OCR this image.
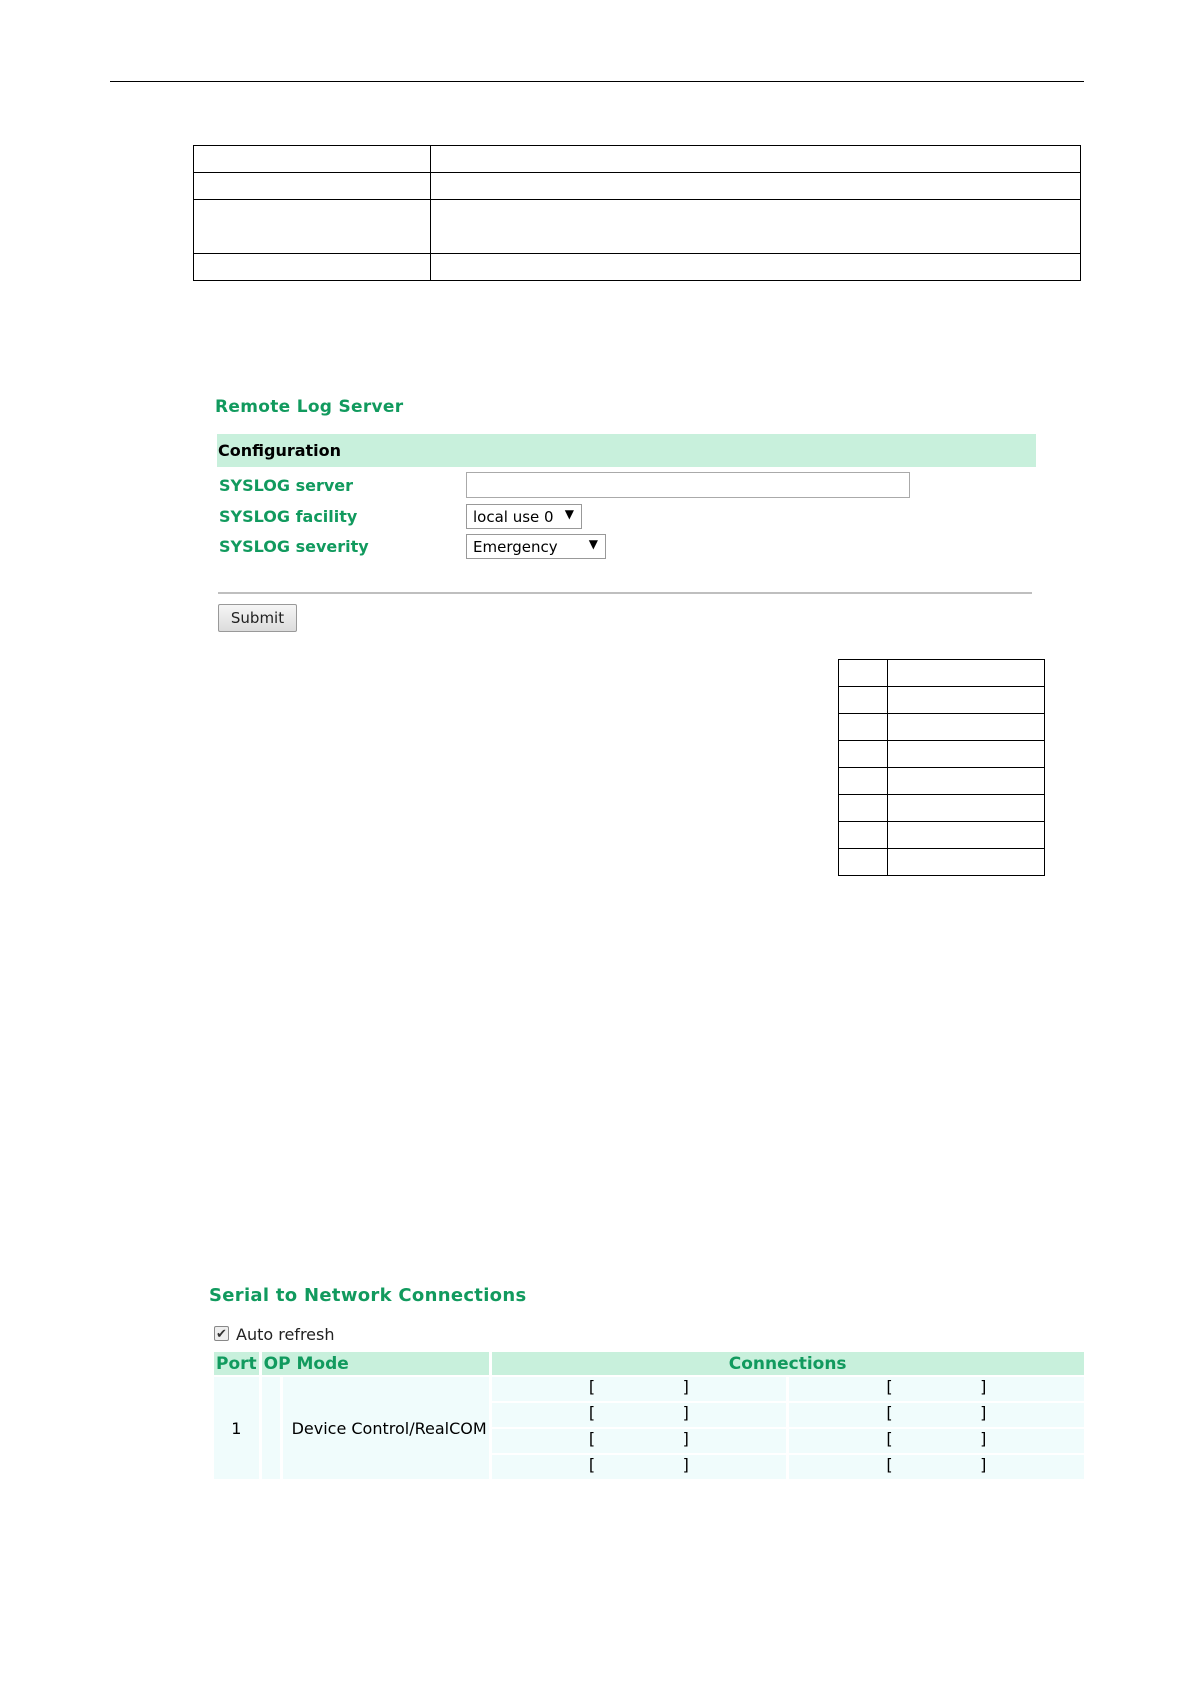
Remote Log Server
Configuration
SYSLOG server
SYSLOG facility	local use 0 ▼
SYSLOG severity	Emergency	▼
Submit

Serial to Network Connections
✔ Auto refresh
Port	OP Mode		Connections	
1		Device Control/RealCOM	[ ]	[ ]

			[ ]	[ ]

			[ ]	[ ]

			[ ]	[ ]
